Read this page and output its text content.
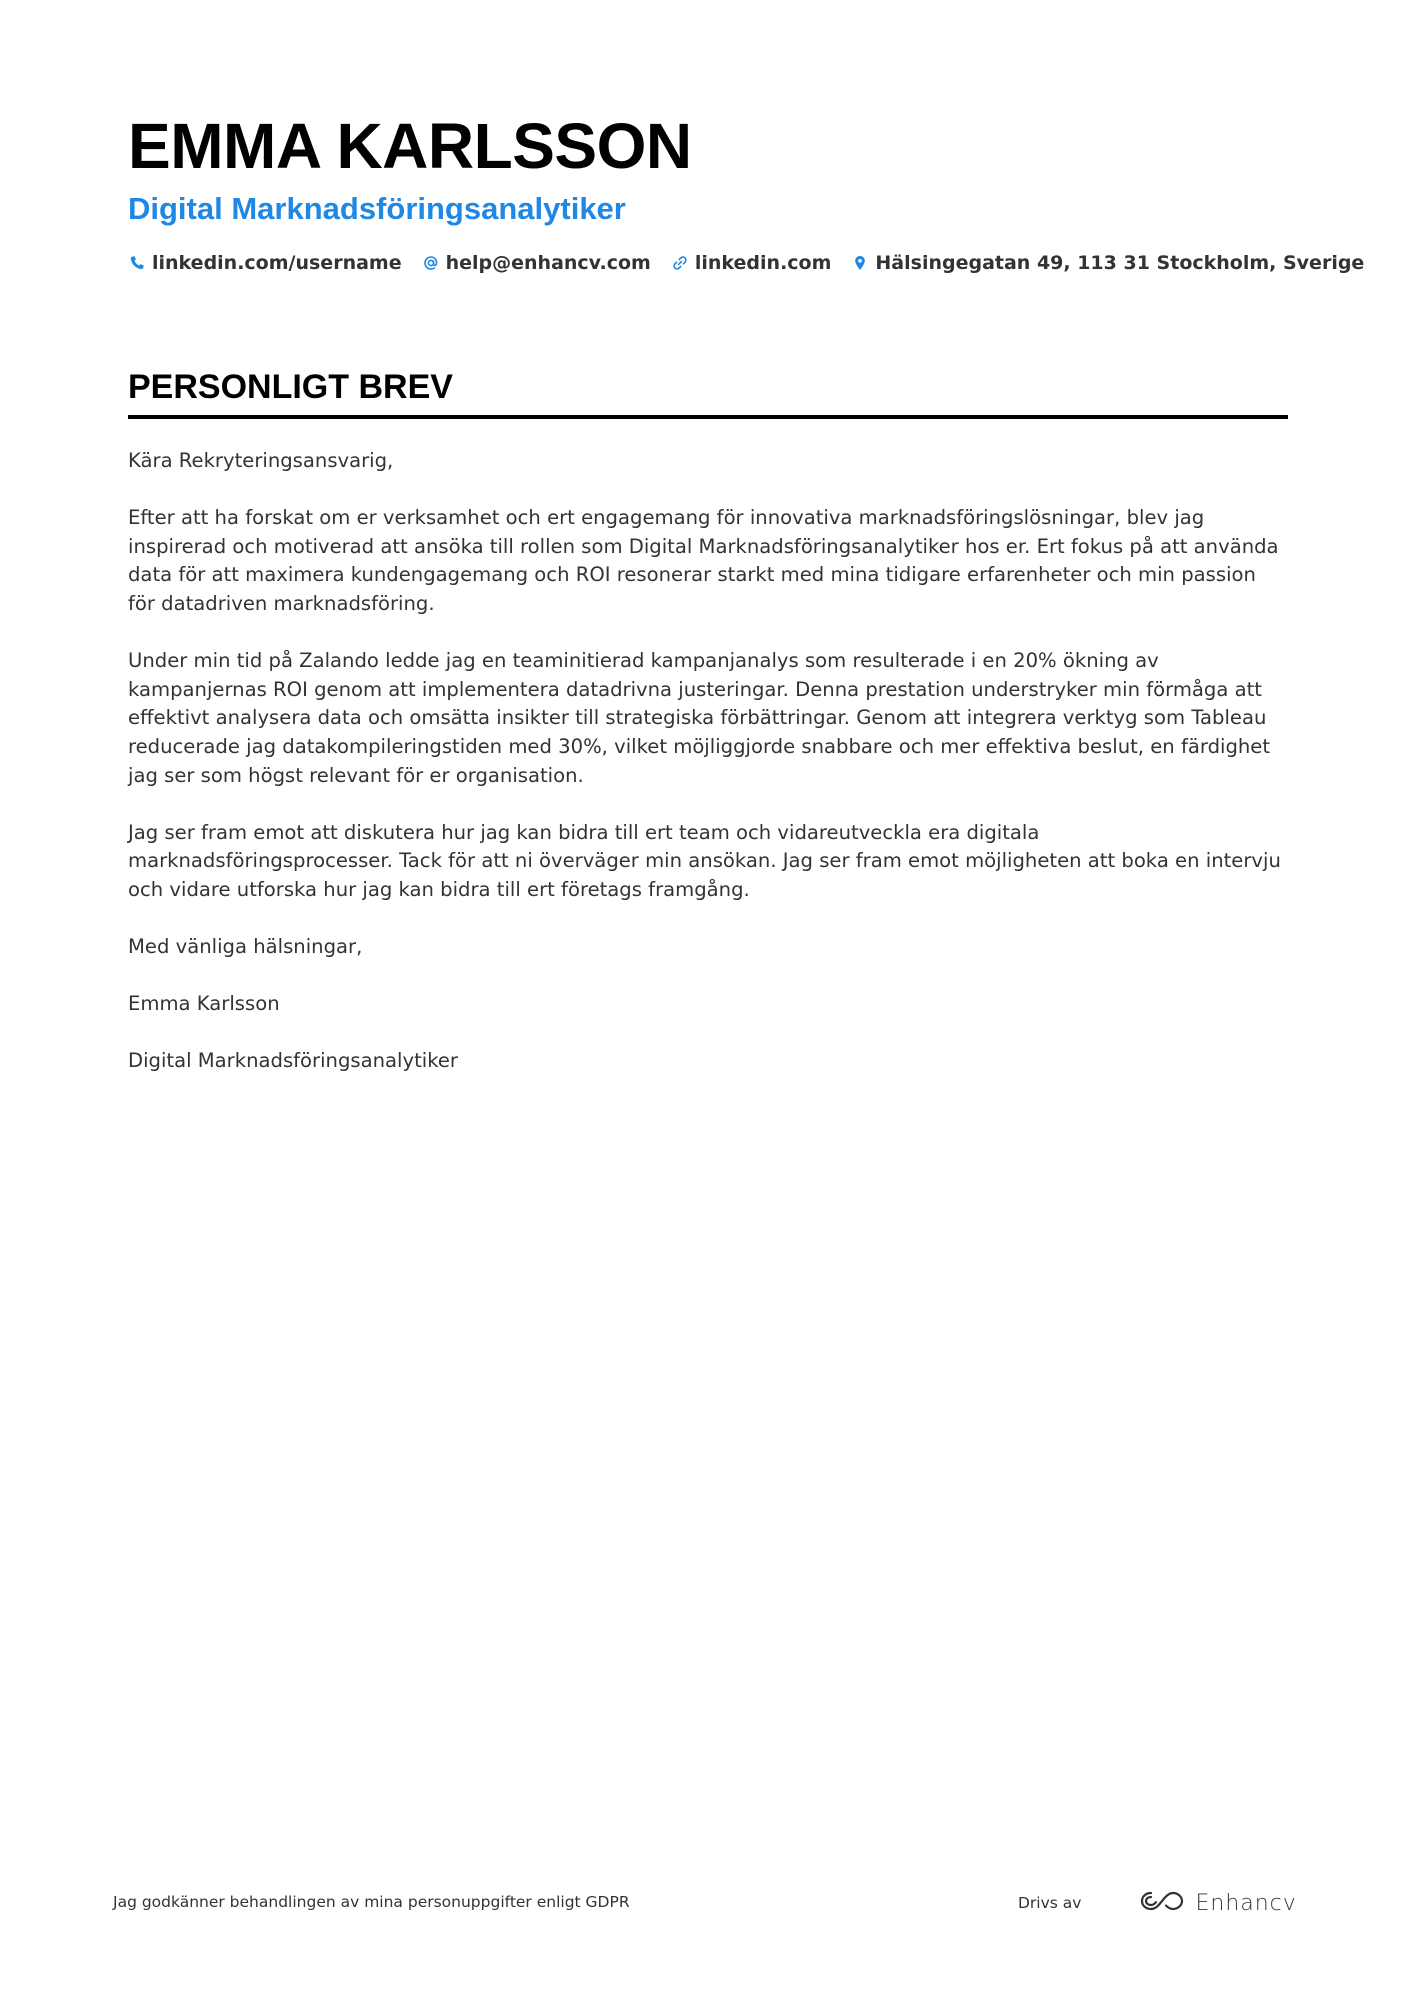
EMMA KARLSSON
Digital Marknadsföringsanalytiker
linkedin.com/username help@enhancv.com linkedin.com Hälsingegatan 49, 113 31 Stockholm, Sverige
PERSONLIGT BREV

Kära Rekryteringsansvarig,

Efter att ha forskat om er verksamhet och ert engagemang för innovativa marknadsföringslösningar, blev jag inspirerad och motiverad att ansöka till rollen som Digital Marknadsföringsanalytiker hos er. Ert fokus på att använda data för att maximera kundengagemang och ROI resonerar starkt med mina tidigare erfarenheter och min passion för datadriven marknadsföring.

Under min tid på Zalando ledde jag en teaminitierad kampanjanalys som resulterade i en 20% ökning av kampanjernas ROI genom att implementera datadrivna justeringar. Denna prestation understryker min förmåga att effektivt analysera data och omsätta insikter till strategiska förbättringar. Genom att integrera verktyg som Tableau reducerade jag datakompileringstiden med 30%, vilket möjliggjorde snabbare och mer effektiva beslut, en färdighet jag ser som högst relevant för er organisation.

Jag ser fram emot att diskutera hur jag kan bidra till ert team och vidareutveckla era digitala marknadsföringsprocesser. Tack för att ni överväger min ansökan. Jag ser fram emot möjligheten att boka en intervju och vidare utforska hur jag kan bidra till ert företags framgång.

Med vänliga hälsningar,

Emma Karlsson

Digital Marknadsföringsanalytiker

Jag godkänner behandlingen av mina personuppgifter enligt GDPR	Drivs av	Enhancv
